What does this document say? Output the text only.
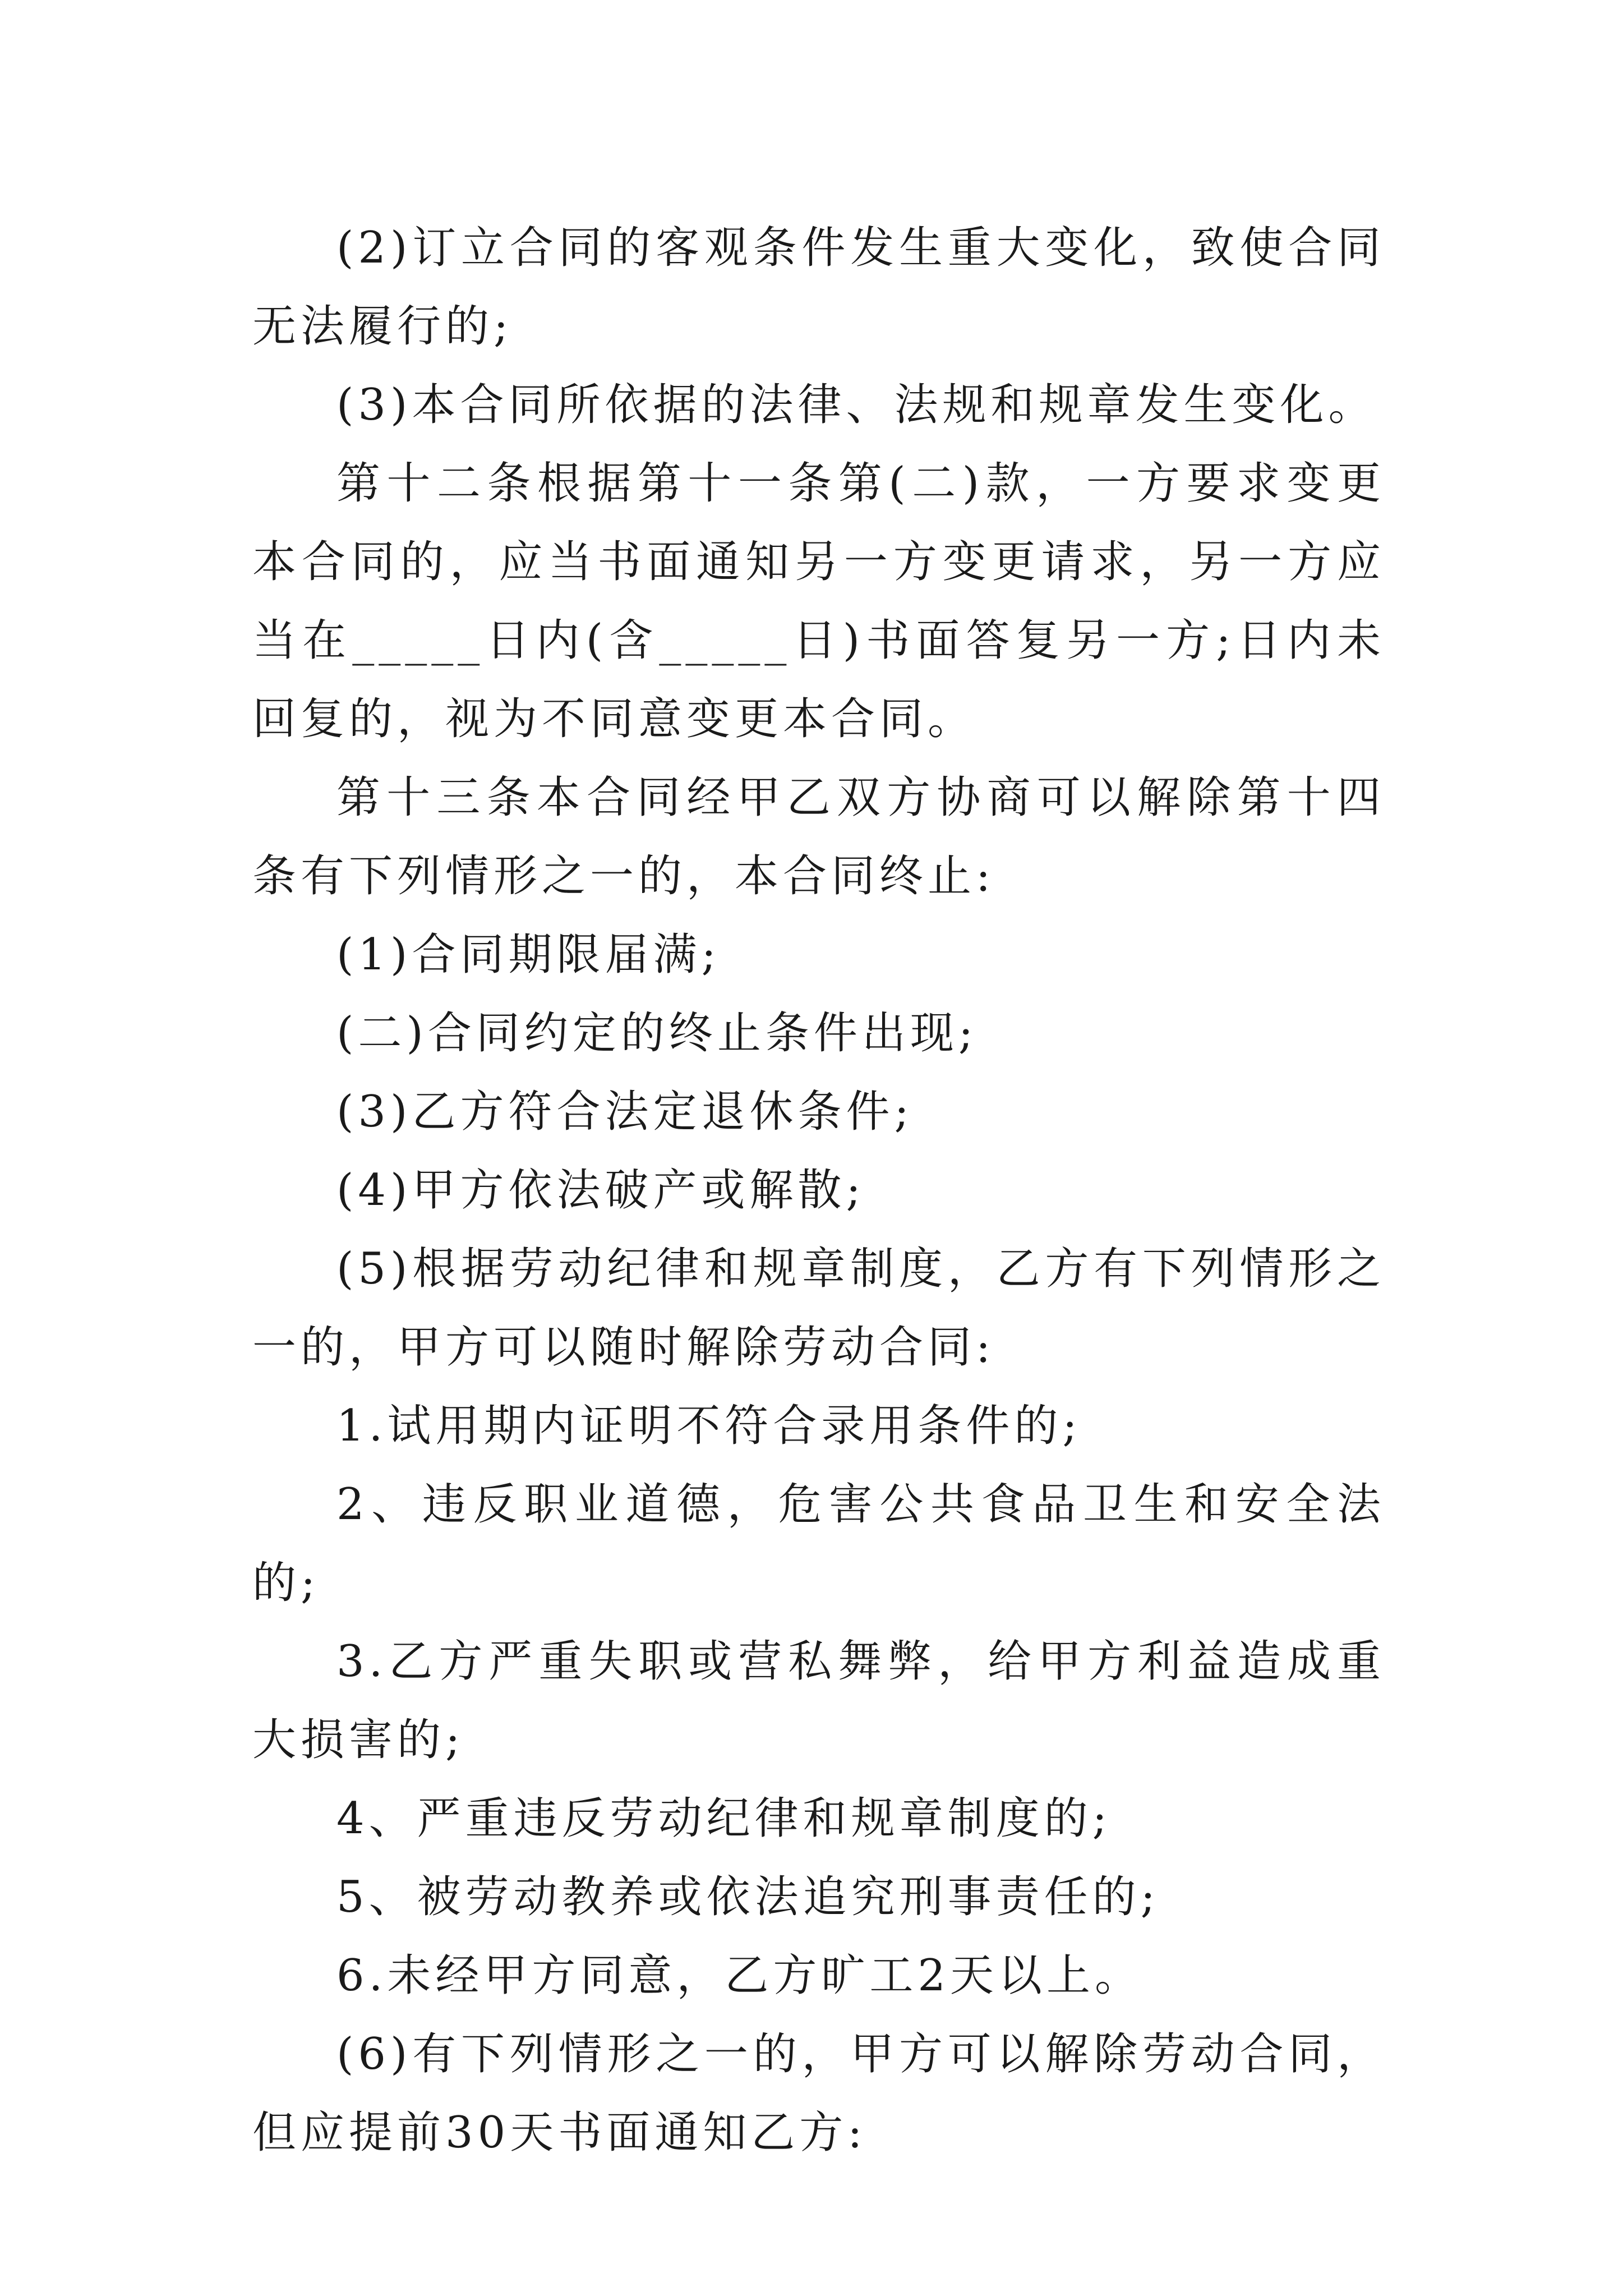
(2)订立合同的客观条件发生重大变化，致使合同无法履行的;

(3)本合同所依据的法律、法规和规章发生变化。

第十二条根据第十一条第(二)款，一方要求变更本合同的，应当书面通知另一方变更请求，另一方应当在_____日内(含_____日)书面答复另一方;日内未回复的，视为不同意变更本合同。

第十三条本合同经甲乙双方协商可以解除第十四条有下列情形之一的，本合同终止:

(1)合同期限届满;

(二)合同约定的终止条件出现;

(3)乙方符合法定退休条件;

(4)甲方依法破产或解散;

(5)根据劳动纪律和规章制度，乙方有下列情形之一的，甲方可以随时解除劳动合同:

1.试用期内证明不符合录用条件的;

2、违反职业道德，危害公共食品卫生和安全法的;

3.乙方严重失职或营私舞弊，给甲方利益造成重大损害的;

4、严重违反劳动纪律和规章制度的;

5、被劳动教养或依法追究刑事责任的;

6.未经甲方同意，乙方旷工2天以上。

(6)有下列情形之一的，甲方可以解除劳动合同，但应提前30天书面通知乙方:
